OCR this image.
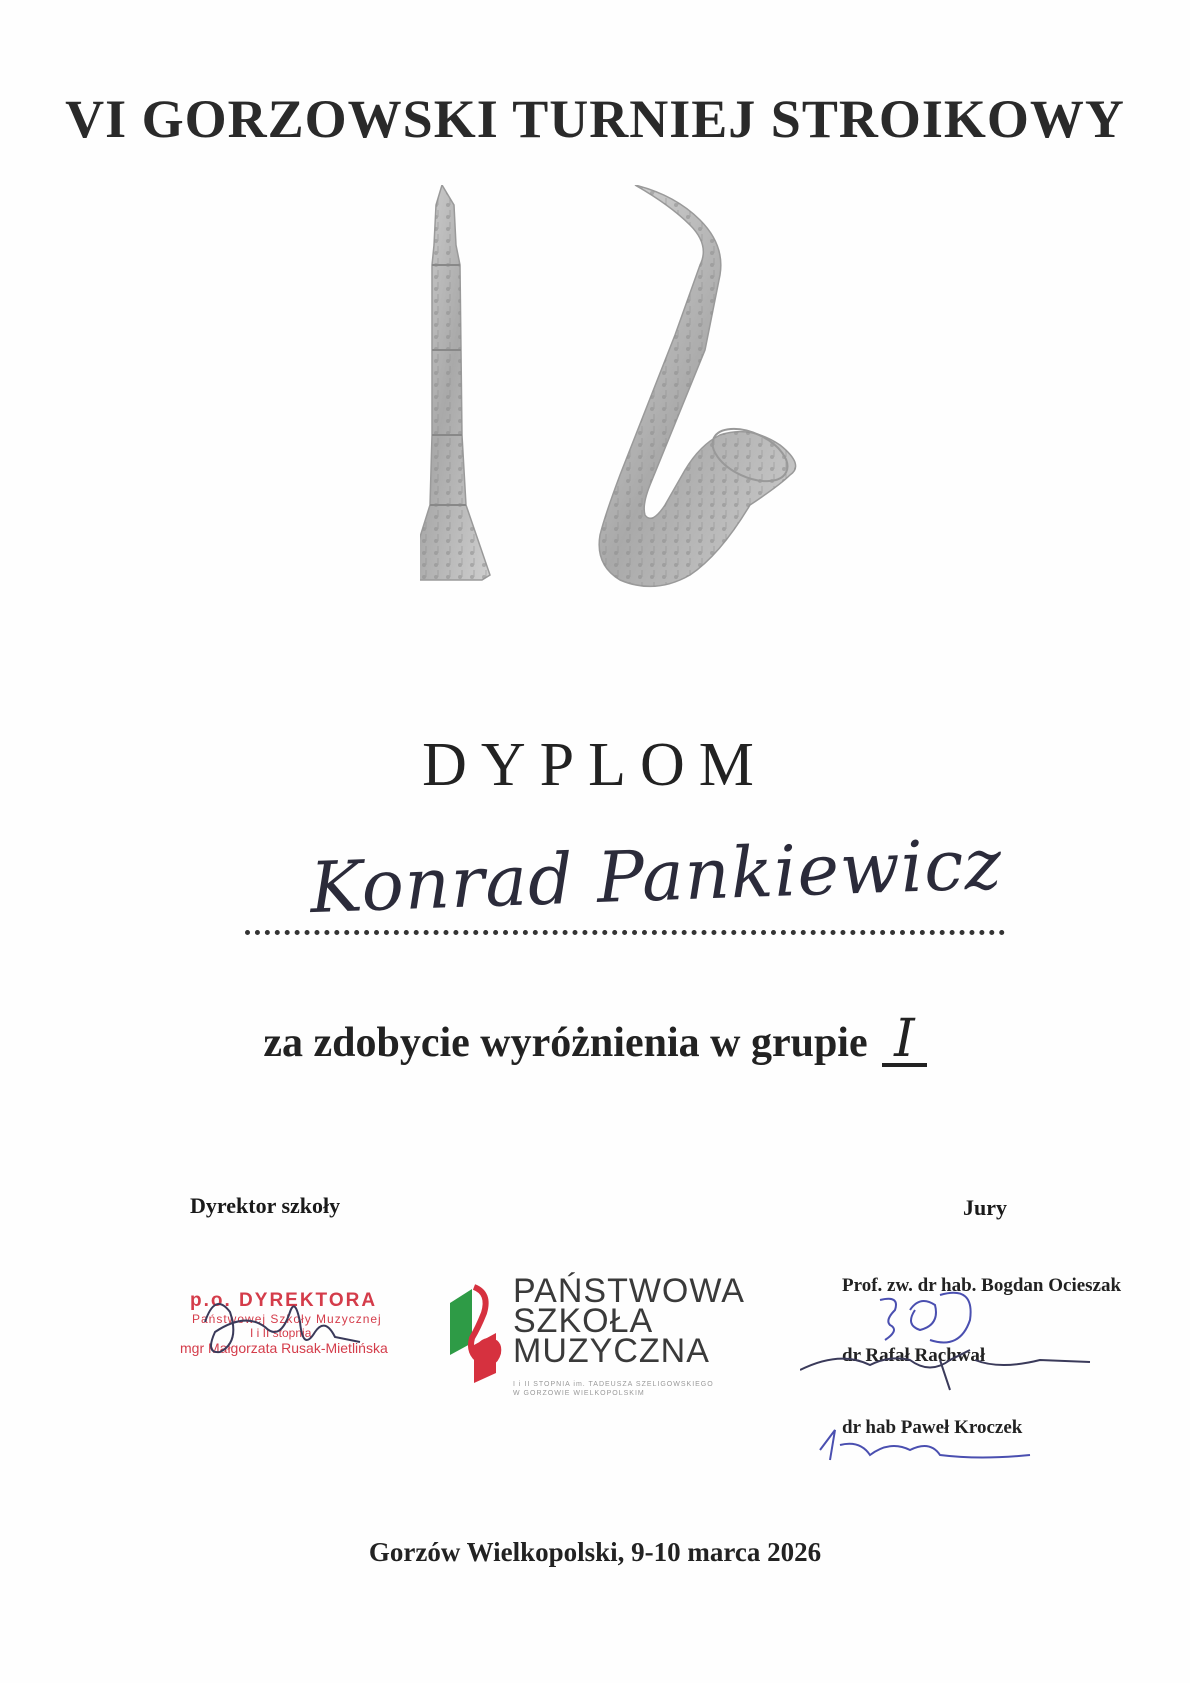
VI GORZOWSKI TURNIEJ STROIKOWY
DYPLOM
Konrad Pankiewicz
za zdobycie wyróżnienia w grupie I
Dyrektor szkoły	Jury
p.o. DYREKTORA
Państwowej Szkoły Muzycznej
I i II stopnia
mgr Małgorzata Rusak-Mietlińska
PAŃSTWOWA
SZKOŁA
MUZYCZNA
I i II STOPNIA im. TADEUSZA SZELIGOWSKIEGO
W GORZOWIE WIELKOPOLSKIM
Prof. zw. dr hab. Bogdan Ocieszak
dr Rafał Rachwał
dr hab Paweł Kroczek
Gorzów Wielkopolski, 9-10 marca 2026
